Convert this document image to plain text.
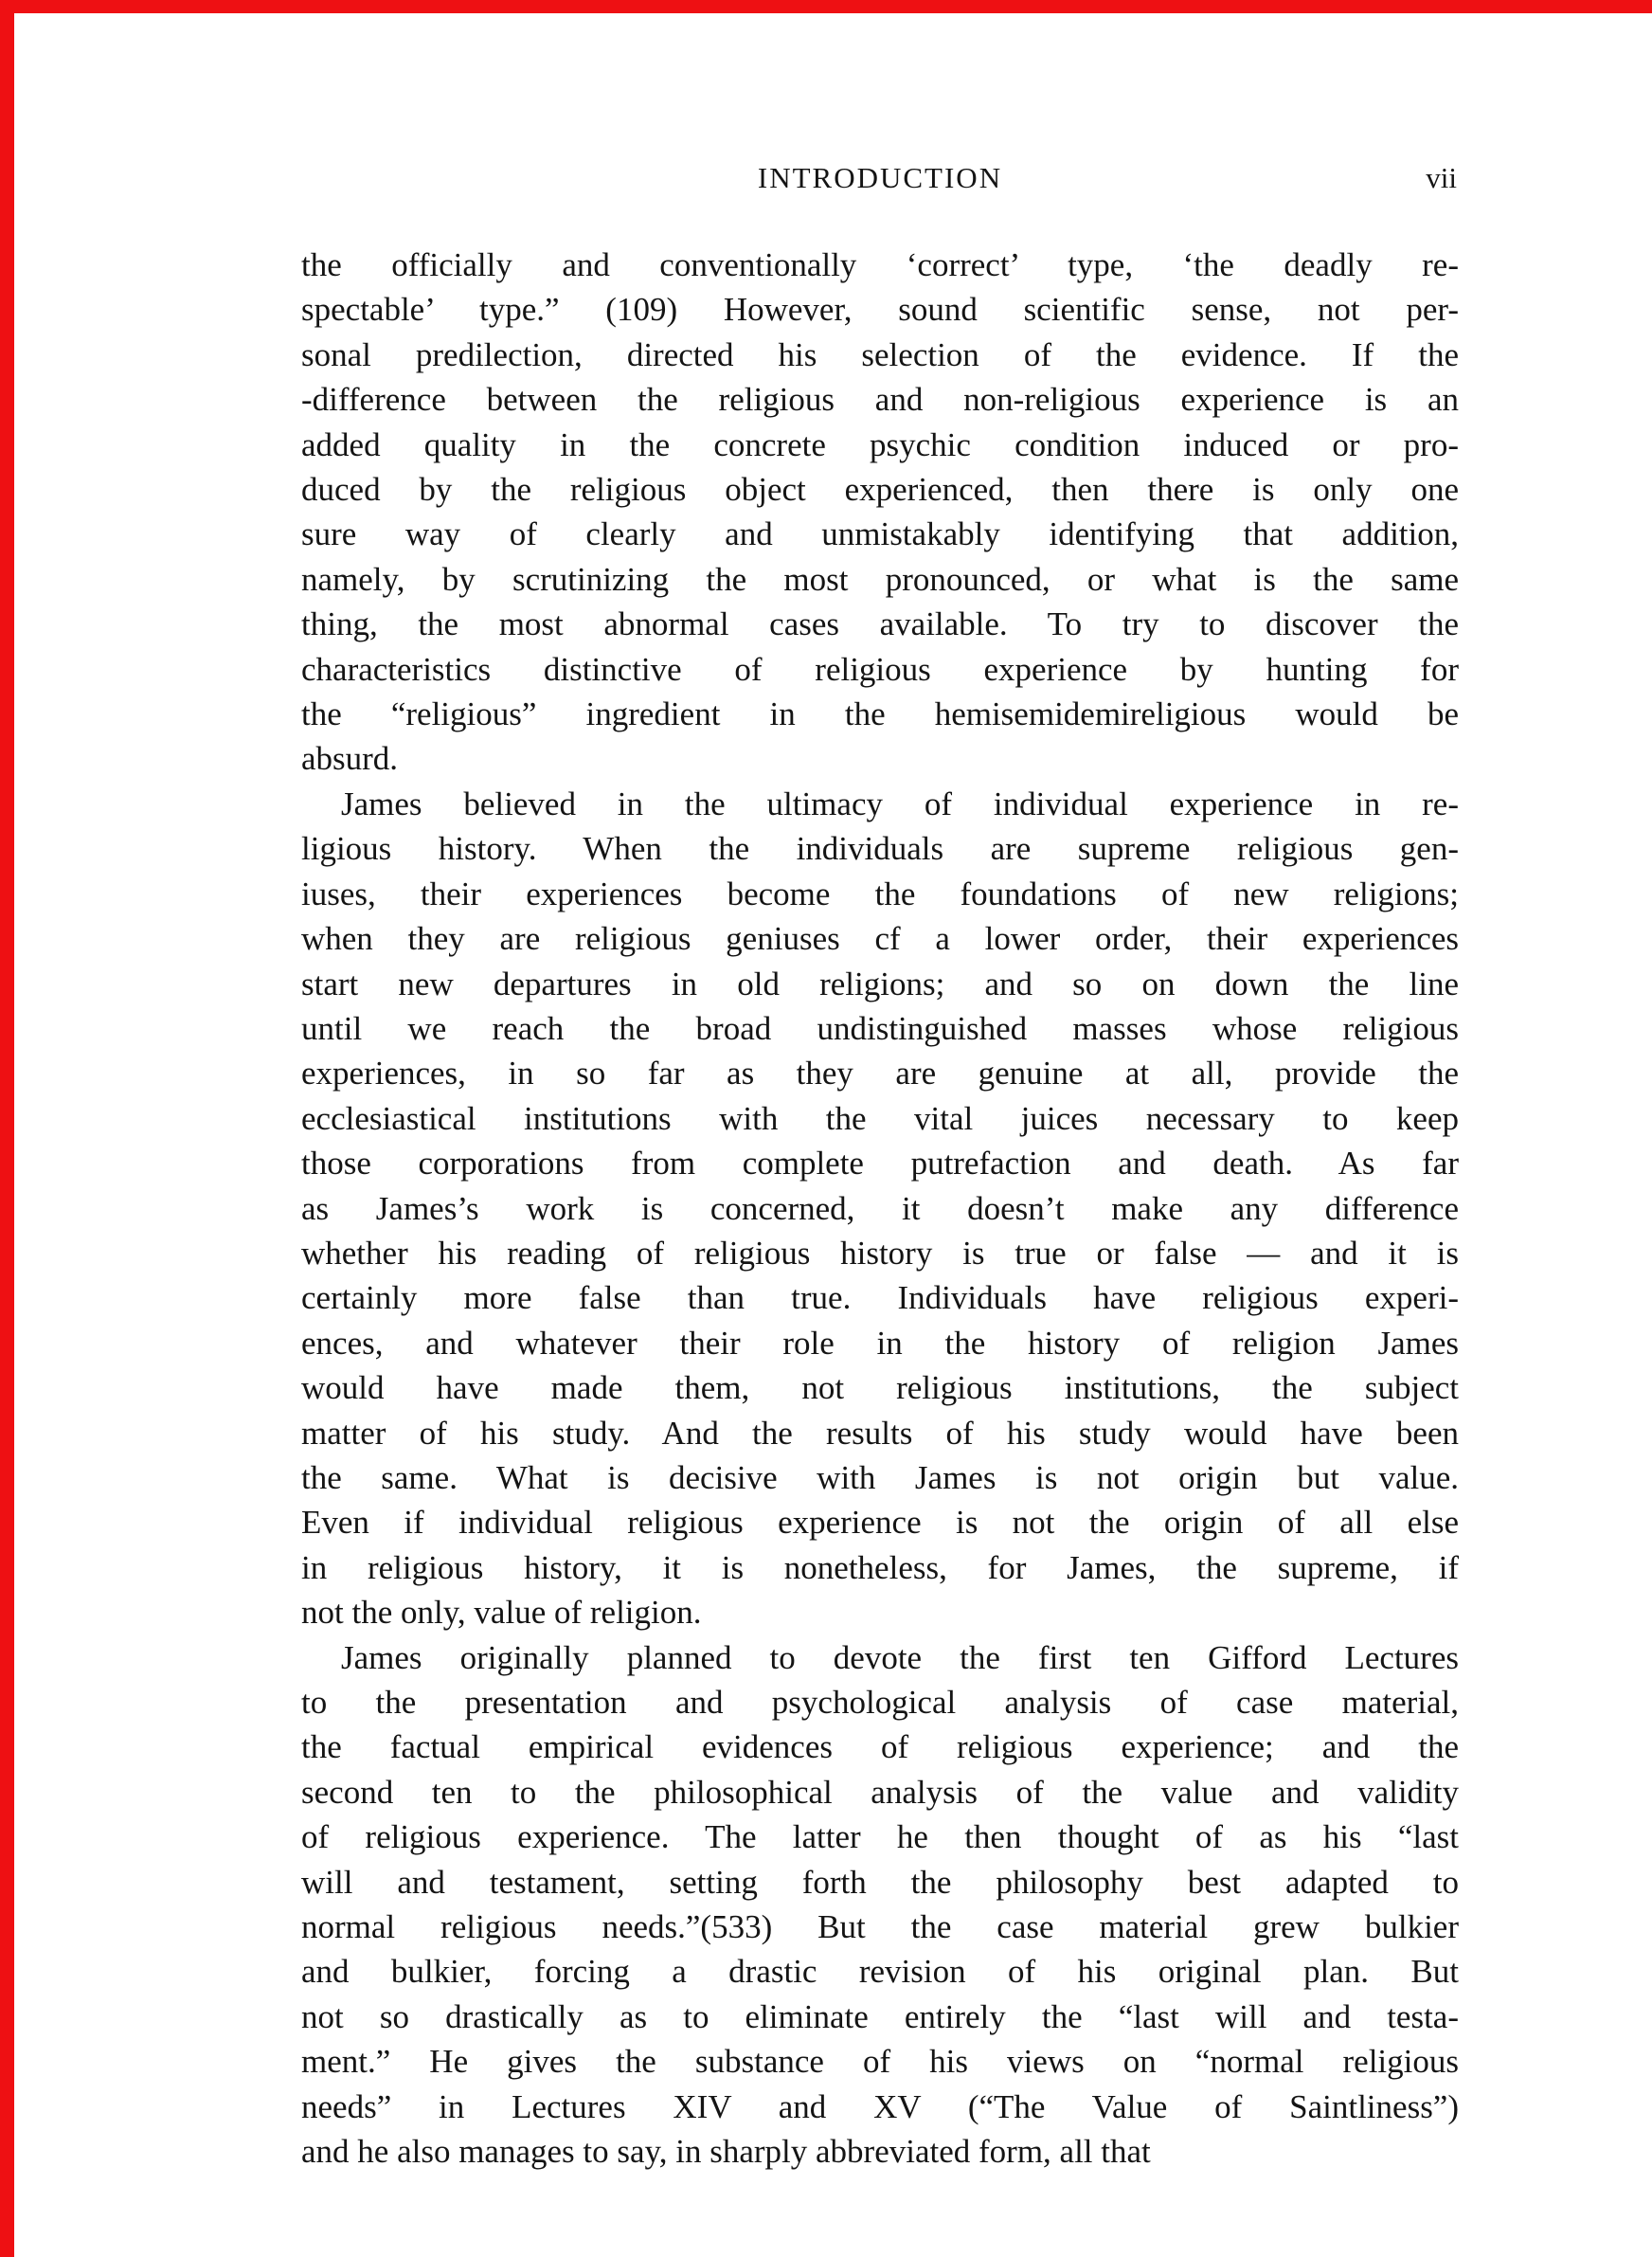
INTRODUCTION	vii
the officially and conventionally ‘correct’ type, ‘the deadly re-
spectable’ type.” (109) However, sound scientific sense, not per-
sonal predilection, directed his selection of the evidence. If the
-difference between the religious and non-religious experience is an
added quality in the concrete psychic condition induced or pro-
duced by the religious object experienced, then there is only one
sure way of clearly and unmistakably identifying that addition,
namely, by scrutinizing the most pronounced, or what is the same
thing, the most abnormal cases available. To try to discover the
characteristics distinctive of religious experience by hunting for
the “religious” ingredient in the hemisemidemireligious would be
absurd.
James believed in the ultimacy of individual experience in re-
ligious history. When the individuals are supreme religious gen-
iuses, their experiences become the foundations of new religions;
when they are religious geniuses cf a lower order, their experiences
start new departures in old religions; and so on down the line
until we reach the broad undistinguished masses whose religious
experiences, in so far as they are genuine at all, provide the
ecclesiastical institutions with the vital juices necessary to keep
those corporations from complete putrefaction and death. As far
as James’s work is concerned, it doesn’t make any difference
whether his reading of religious history is true or false — and it is
certainly more false than true. Individuals have religious experi-
ences, and whatever their role in the history of religion James
would have made them, not religious institutions, the subject
matter of his study. And the results of his study would have been
the same. What is decisive with James is not origin but value.
Even if individual religious experience is not the origin of all else
in religious history, it is nonetheless, for James, the supreme, if
not the only, value of religion.
James originally planned to devote the first ten Gifford Lectures
to the presentation and psychological analysis of case material,
the factual empirical evidences of religious experience; and the
second ten to the philosophical analysis of the value and validity
of religious experience. The latter he then thought of as his “last
will and testament, setting forth the philosophy best adapted to
normal religious needs.”(533) But the case material grew bulkier
and bulkier, forcing a drastic revision of his original plan. But
not so drastically as to eliminate entirely the “last will and testa-
ment.” He gives the substance of his views on “normal religious
needs” in Lectures XIV and XV (“The Value of Saintliness”)
and he also manages to say, in sharply abbreviated form, all that
